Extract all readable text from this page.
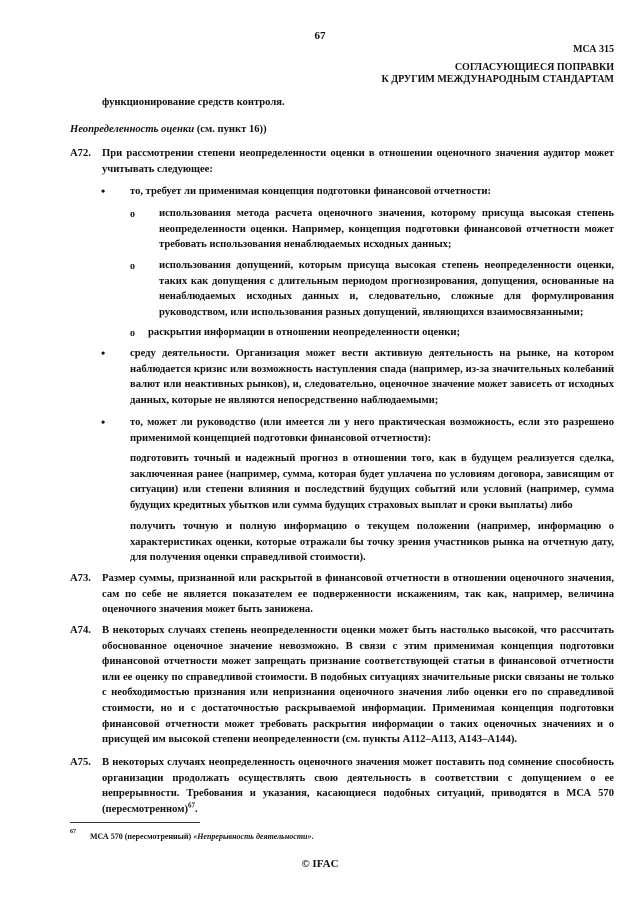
67
МСА 315
СОГЛАСУЮЩИЕСЯ ПОПРАВКИ
К ДРУГИМ МЕЖДУНАРОДНЫМ СТАНДАРТАМ
функционирование средств контроля.
Неопределенность оценки (см. пункт 16))
A72. При рассмотрении степени неопределенности оценки в отношении оценочного значения аудитор может учитывать следующее:
• то, требует ли применимая концепция подготовки финансовой отчетности:
o использования метода расчета оценочного значения, которому присуща высокая степень неопределенности оценки. Например, концепция подготовки финансовой отчетности может требовать использования ненаблюдаемых исходных данных;
o использования допущений, которым присуща высокая степень неопределенности оценки, таких как допущения с длительным периодом прогнозирования, допущения, основанные на ненаблюдаемых исходных данных и, следовательно, сложные для формулирования руководством, или использования разных допущений, являющихся взаимосвязанными;
o раскрытия информации в отношении неопределенности оценки;
• среду деятельности. Организация может вести активную деятельность на рынке, на котором наблюдается кризис или возможность наступления спада (например, из-за значительных колебаний валют или неактивных рынков), и, следовательно, оценочное значение может зависеть от исходных данных, которые не являются непосредственно наблюдаемыми;
• то, может ли руководство (или имеется ли у него практическая возможность, если это разрешено применимой концепцией подготовки финансовой отчетности):
подготовить точный и надежный прогноз в отношении того, как в будущем реализуется сделка, заключенная ранее (например, сумма, которая будет уплачена по условиям договора, зависящим от ситуации) или степени влияния и последствий будущих событий или условий (например, сумма будущих кредитных убытков или сумма будущих страховых выплат и сроки выплаты) либо
получить точную и полную информацию о текущем положении (например, информацию о характеристиках оценки, которые отражали бы точку зрения участников рынка на отчетную дату, для получения оценки справедливой стоимости).
A73. Размер суммы, признанной или раскрытой в финансовой отчетности в отношении оценочного значения, сам по себе не является показателем ее подверженности искажениям, так как, например, величина оценочного значения может быть занижена.
A74. В некоторых случаях степень неопределенности оценки может быть настолько высокой, что рассчитать обоснованное оценочное значение невозможно. В связи с этим применимая концепция подготовки финансовой отчетности может запрещать признание соответствующей статьи в финансовой отчетности или ее оценку по справедливой стоимости. В подобных ситуациях значительные риски связаны не только с необходимостью признания или непризнания оценочного значения либо оценки его по справедливой стоимости, но и с достаточностью раскрываемой информации. Применимая концепция подготовки финансовой отчетности может требовать раскрытия информации о таких оценочных значениях и о присущей им высокой степени неопределенности (см. пункты A112–A113, A143–A144).
A75. В некоторых случаях неопределенность оценочного значения может поставить под сомнение способность организации продолжать осуществлять свою деятельность в соответствии с допущением о ее непрерывности. Требования и указания, касающиеся подобных ситуаций, приводятся в МСА 570 (пересмотренном)$^{67}$.
67 МСА 570 (пересмотренный) «Непрерывность деятельности».
© IFAC
